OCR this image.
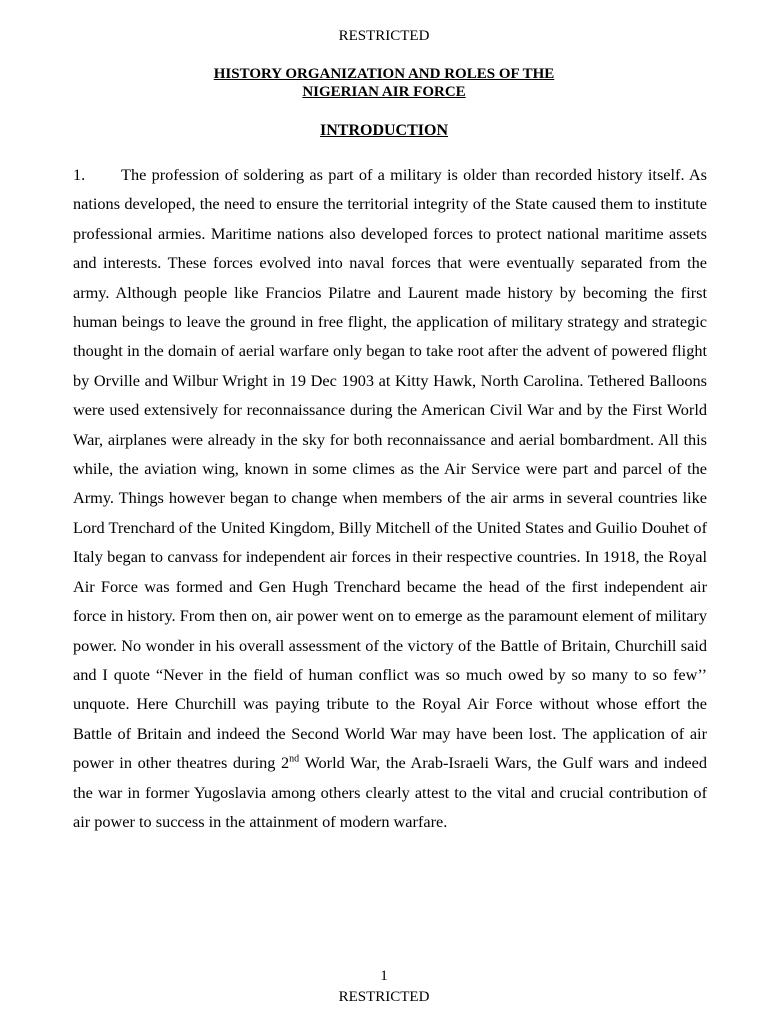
RESTRICTED

HISTORY ORGANIZATION AND ROLES OF THE
NIGERIAN AIR FORCE
INTRODUCTION

1. The profession of soldering as part of a military is older than recorded history itself. As nations developed, the need to ensure the territorial integrity of the State caused them to institute professional armies. Maritime nations also developed forces to protect national maritime assets and interests. These forces evolved into naval forces that were eventually separated from the army. Although people like Francios Pilatre and Laurent made history by becoming the first human beings to leave the ground in free flight, the application of military strategy and strategic thought in the domain of aerial warfare only began to take root after the advent of powered flight by Orville and Wilbur Wright in 19 Dec 1903 at Kitty Hawk, North Carolina. Tethered Balloons were used extensively for reconnaissance during the American Civil War and by the First World War, airplanes were already in the sky for both reconnaissance and aerial bombardment. All this while, the aviation wing, known in some climes as the Air Service were part and parcel of the Army. Things however began to change when members of the air arms in several countries like Lord Trenchard of the United Kingdom, Billy Mitchell of the United States and Guilio Douhet of Italy began to canvass for independent air forces in their respective countries. In 1918, the Royal Air Force was formed and Gen Hugh Trenchard became the head of the first independent air force in history. From then on, air power went on to emerge as the paramount element of military power. No wonder in his overall assessment of the victory of the Battle of Britain, Churchill said and I quote “Never in the field of human conflict was so much owed by so many to so few’’ unquote. Here Churchill was paying tribute to the Royal Air Force without whose effort the Battle of Britain and indeed the Second World War may have been lost. The application of air power in other theatres during 2nd World War, the Arab-Israeli Wars, the Gulf wars and indeed the war in former Yugoslavia among others clearly attest to the vital and crucial contribution of air power to success in the attainment of modern warfare.

1

RESTRICTED
